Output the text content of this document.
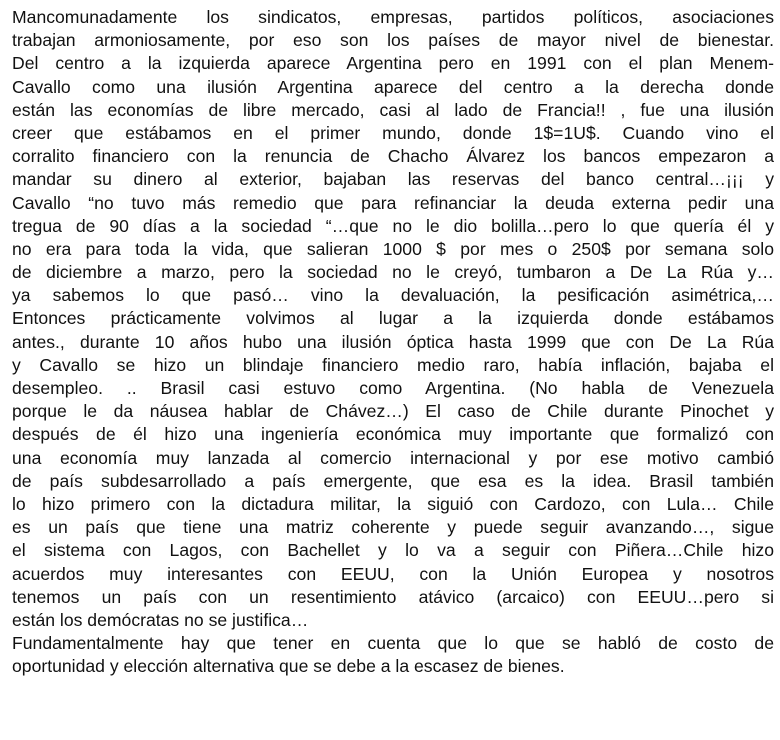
Mancomunadamente los sindicatos, empresas, partidos políticos, asociaciones
trabajan armoniosamente, por eso son los países de mayor nivel de bienestar.
Del centro a la izquierda aparece Argentina pero en 1991 con el plan Menem-
Cavallo como una ilusión Argentina aparece del centro a la derecha donde
están las economías de libre mercado, casi al lado de Francia!! , fue una ilusión
creer que estábamos en el primer mundo, donde 1$=1U$. Cuando vino el
corralito financiero con la renuncia de Chacho Álvarez los bancos empezaron a
mandar su dinero al exterior, bajaban las reservas del banco central…¡¡¡ y
Cavallo “no tuvo más remedio que para refinanciar la deuda externa pedir una
tregua de 90 días a la sociedad “…que no le dio bolilla…pero lo que quería él y
no era para toda la vida, que salieran 1000 $ por mes o 250$ por semana solo
de diciembre a marzo, pero la sociedad no le creyó, tumbaron a De La Rúa y…
ya sabemos lo que pasó… vino la devaluación, la pesificación asimétrica,…
Entonces prácticamente volvimos al lugar a la izquierda donde estábamos
antes., durante 10 años hubo una ilusión óptica hasta 1999 que con De La Rúa
y Cavallo se hizo un blindaje financiero medio raro, había inflación, bajaba el
desempleo. .. Brasil casi estuvo como Argentina. (No habla de Venezuela
porque le da náusea hablar de Chávez…) El caso de Chile durante Pinochet y
después de él hizo una ingeniería económica muy importante que formalizó con
una economía muy lanzada al comercio internacional y por ese motivo cambió
de país subdesarrollado a país emergente, que esa es la idea. Brasil también
lo hizo primero con la dictadura militar, la siguió con Cardozo, con Lula… Chile
es un país que tiene una matriz coherente y puede seguir avanzando…, sigue
el sistema con Lagos, con Bachellet y lo va a seguir con Piñera…Chile hizo
acuerdos muy interesantes con EEUU, con la Unión Europea y nosotros
tenemos un país con un resentimiento atávico (arcaico) con EEUU…pero si
están los demócratas no se justifica…
Fundamentalmente hay que tener en cuenta que lo que se habló de costo de
oportunidad y elección alternativa que se debe a la escasez de bienes.
